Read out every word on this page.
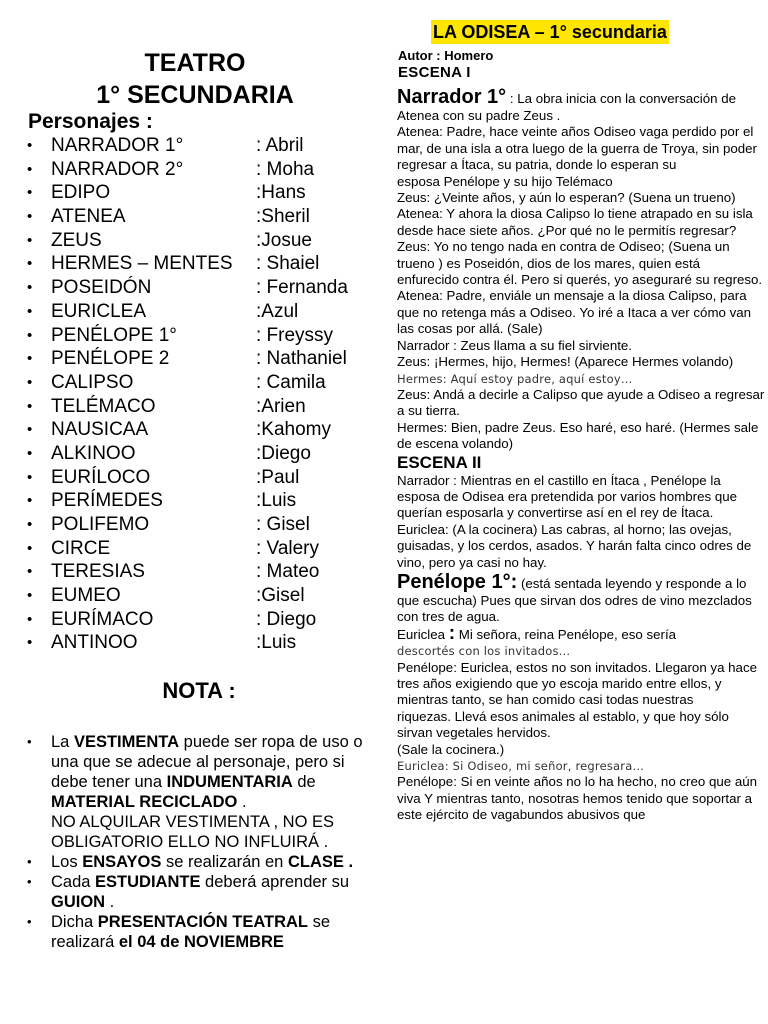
TEATRO
1° SECUNDARIA
Personajes :
• NARRADOR 1°	: Abril
• NARRADOR 2°	: Moha
• EDIPO	:Hans
• ATENEA	:Sheril
• ZEUS	:Josue
• HERMES – MENTES : Shaiel
• POSEIDÓN	: Fernanda
• EURICLEA	:Azul
• PENÉLOPE 1°	: Freyssy
• PENÉLOPE 2	: Nathaniel
• CALIPSO	: Camila
• TELÉMACO	:Arien
• NAUSICAA	:Kahomy
• ALKINOO	:Diego
• EURÍLOCO	:Paul
• PERÍMEDES	:Luis
• POLIFEMO	: Gisel
• CIRCE	: Valery
• TERESIAS	: Mateo
• EUMEO	:Gisel
• EURÍMACO	: Diego
• ANTINOO	:Luis
NOTA :
• La VESTIMENTA puede ser ropa de uso o una que se adecue al personaje, pero si debe tener una INDUMENTARIA de MATERIAL RECICLADO .
NO ALQUILAR VESTIMENTA , NO ES OBLIGATORIO ELLO NO INFLUIRÁ .
• Los ENSAYOS se realizarán en CLASE .
• Cada ESTUDIANTE deberá aprender su GUION .
• Dicha PRESENTACIÓN TEATRAL se realizará el 04 de NOVIEMBRE
LA ODISEA – 1° secundaria
Autor : Homero
ESCENA I

Narrador 1° : La obra inicia con la conversación de Atenea con su padre Zeus .

Atenea: Padre, hace veinte años Odiseo vaga perdido por el mar, de una isla a otra luego de la guerra de Troya, sin poder regresar a Ítaca, su patria, donde lo esperan su

esposa Penélope y su hijo Telémaco

Zeus: ¿Veinte años, y aún lo esperan? (Suena un trueno)

Atenea: Y ahora la diosa Calipso lo tiene atrapado en su isla desde hace siete años. ¿Por qué no le permitís regresar?

Zeus: Yo no tengo nada en contra de Odiseo; (Suena un trueno ) es Poseidón, dios de los mares, quien está enfurecido contra él. Pero si querés, yo aseguraré su regreso.

Atenea: Padre, enviále un mensaje a la diosa Calipso, para que no retenga más a Odiseo. Yo iré a Itaca a ver cómo van las cosas por allá. (Sale)

Narrador : Zeus llama a su fiel sirviente.

Zeus: ¡Hermes, hijo, Hermes! (Aparece Hermes volando)

Hermes: Aquí estoy padre, aquí estoy…

Zeus: Andá a decirle a Calipso que ayude a Odiseo a regresar a su tierra.

Hermes: Bien, padre Zeus. Eso haré, eso haré. (Hermes sale de escena volando)

ESCENA II

Narrador : Mientras en el castillo en Ítaca , Penélope la esposa de Odisea era pretendida por varios hombres que querían esposarla y convertirse así en el rey de Ítaca.

Euriclea: (A la cocinera) Las cabras, al horno; las ovejas, guisadas, y los cerdos, asados. Y harán falta cinco odres de vino, pero ya casi no hay.

Penélope 1°: (está sentada leyendo y responde a lo que escucha) Pues que sirvan dos odres de vino mezclados con tres de agua.

Euriclea : Mi señora, reina Penélope, eso sería

descortés con los invitados…

Penélope: Euriclea, estos no son invitados. Llegaron ya hace tres años exigiendo que yo escoja marido entre ellos, y mientras tanto, se han comido casi todas nuestras

riquezas. Llevá esos animales al establo, y que hoy sólo sirvan vegetales hervidos.

(Sale la cocinera.)

Euriclea: Si Odiseo, mi señor, regresara…

Penélope: Si en veinte años no lo ha hecho, no creo que aún viva Y mientras tanto, nosotras hemos tenido que soportar a este ejército de vagabundos abusivos que
